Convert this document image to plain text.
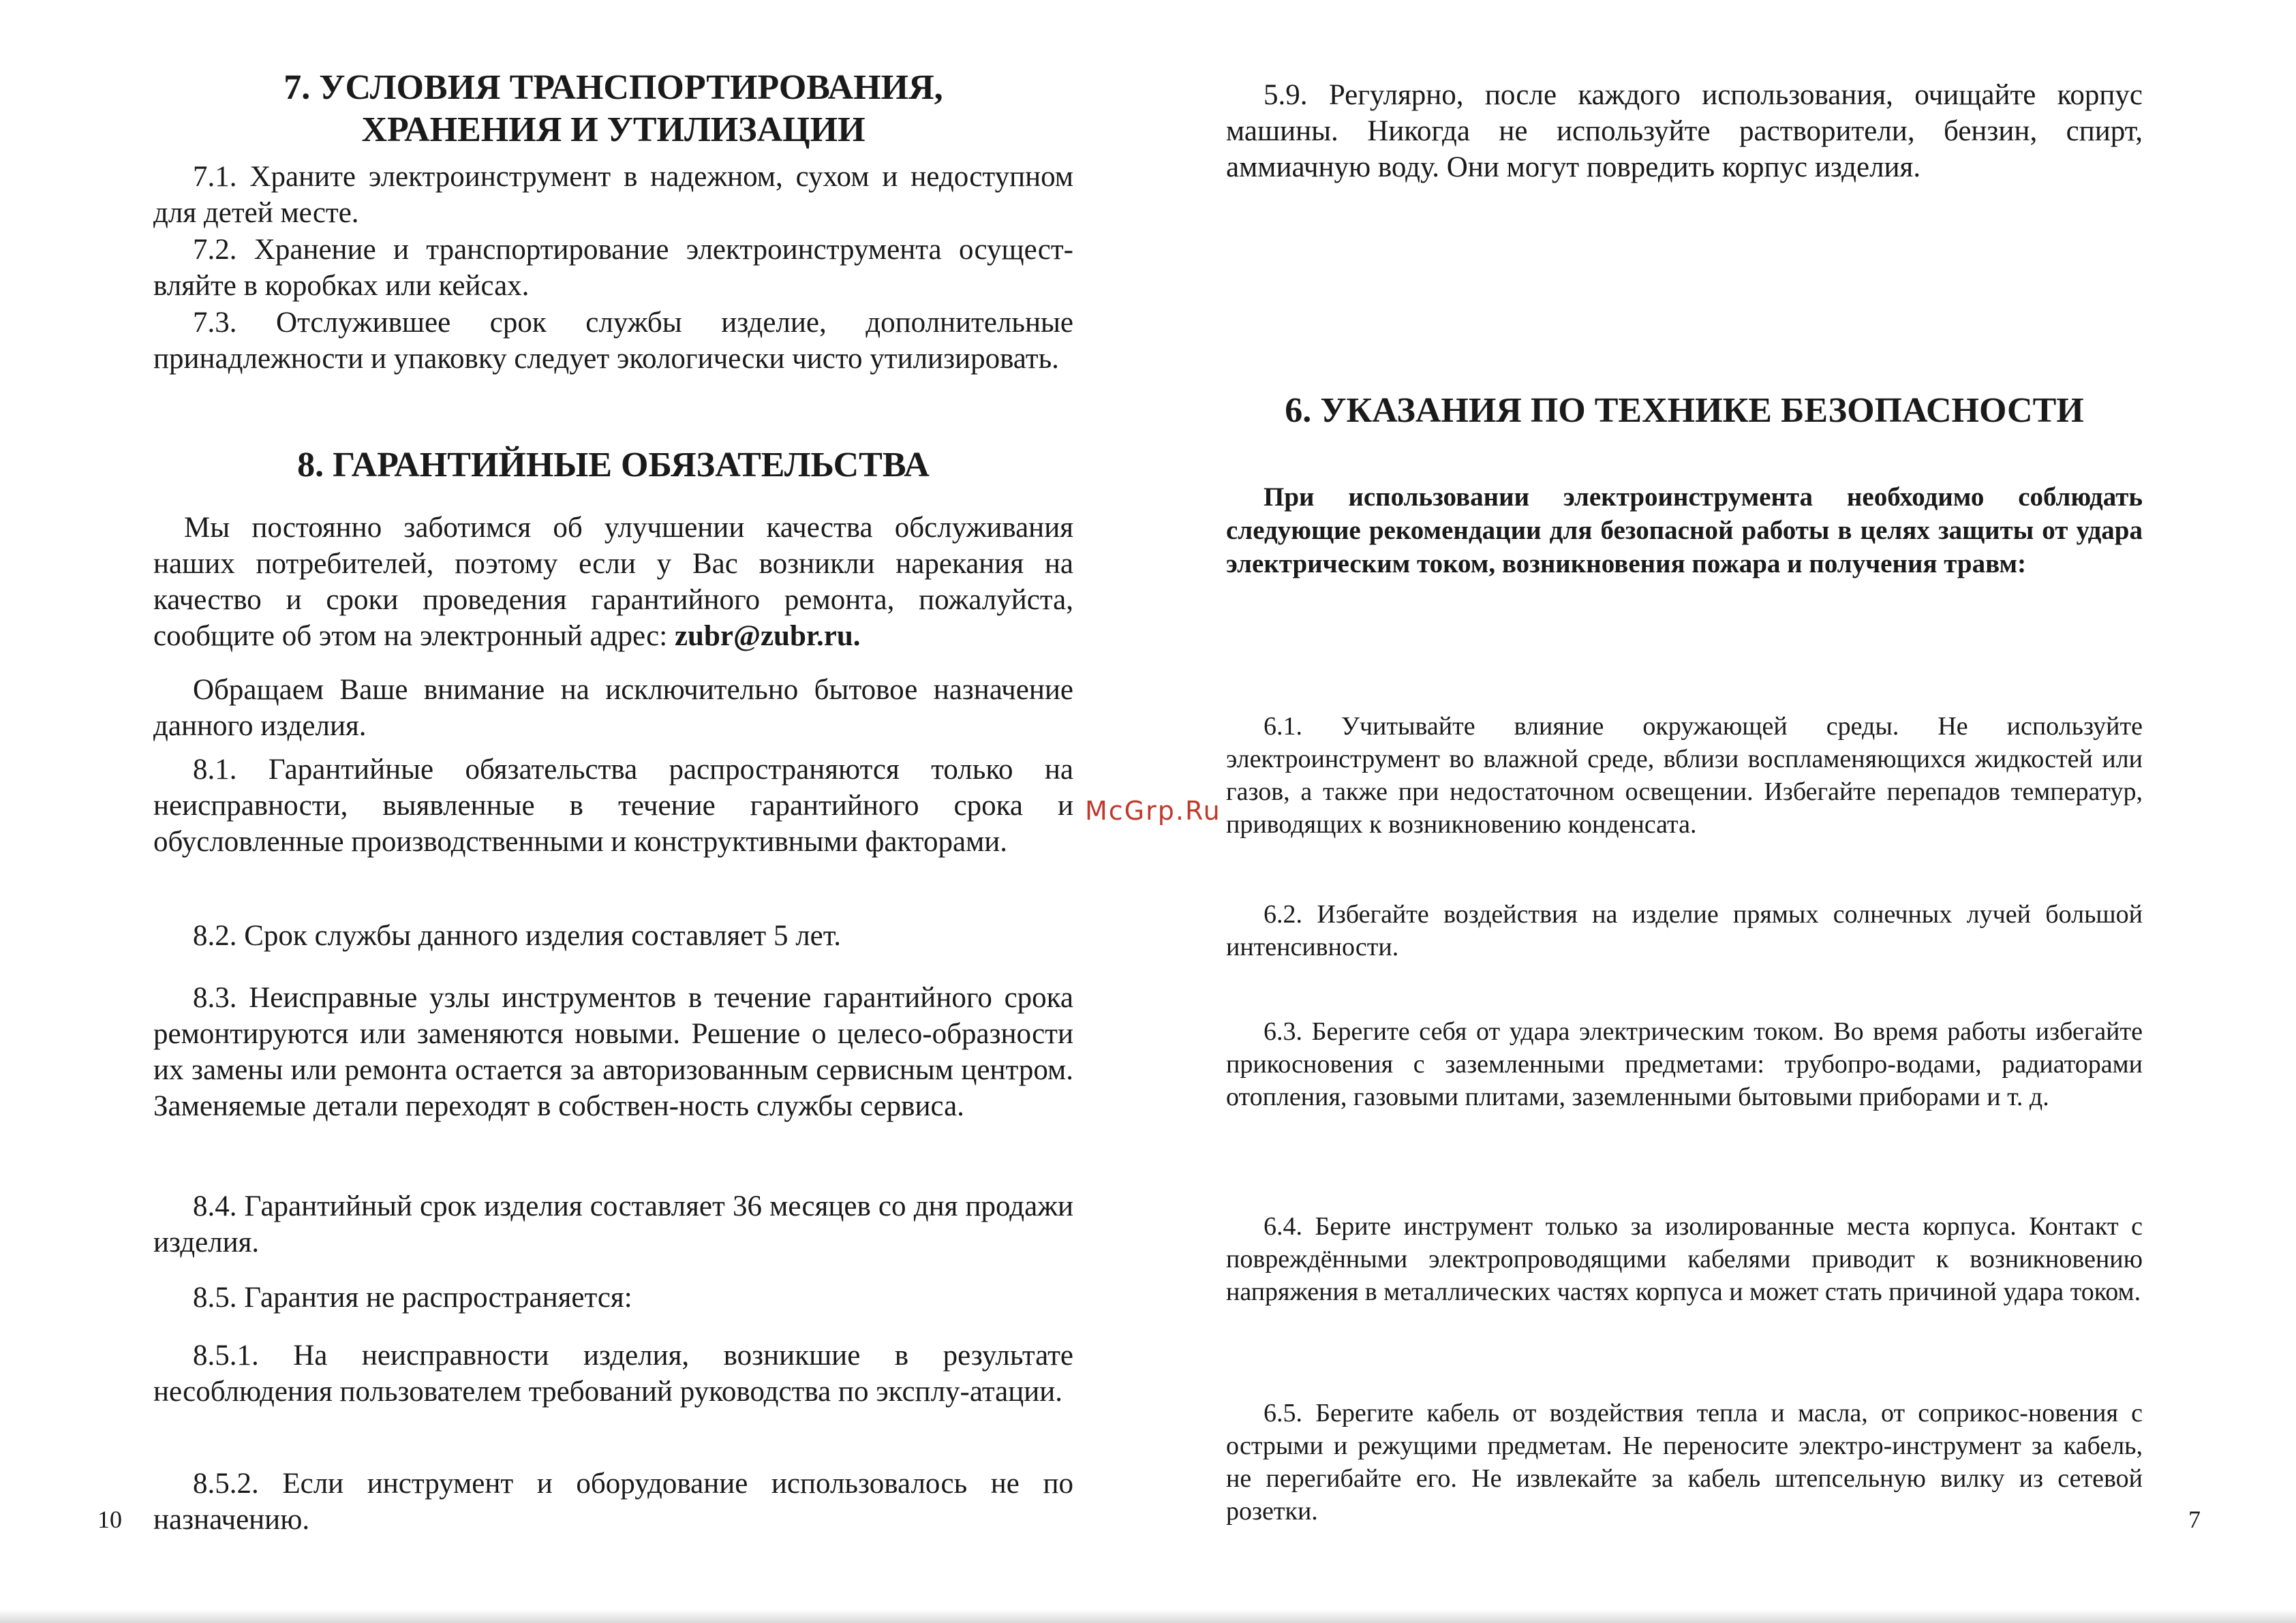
7. УСЛОВИЯ ТРАНСПОРТИРОВАНИЯ,
ХРАНЕНИЯ И УТИЛИЗАЦИИ

7.1. Храните электроинструмент в надежном, сухом и недоступном для детей месте.

7.2. Хранение и транспортирование электроинструмента осущест-вляйте в коробках или кейсах.

7.3. Отслужившее срок службы изделие, дополнительные принадлежности и упаковку следует экологически чисто утилизировать.

8. ГАРАНТИЙНЫЕ ОБЯЗАТЕЛЬСТВА

Мы постоянно заботимся об улучшении качества обслуживания наших потребителей, поэтому если у Вас возникли нарекания на качество и сроки проведения гарантийного ремонта, пожалуйста, сообщите об этом на электронный адрес: zubr@zubr.ru.

Обращаем Ваше внимание на исключительно бытовое назначение данного изделия.

8.1. Гарантийные обязательства распространяются только на неисправности, выявленные в течение гарантийного срока и обусловленные производственными и конструктивными факторами.

8.2. Срок службы данного изделия составляет 5 лет.

8.3. Неисправные узлы инструментов в течение гарантийного срока ремонтируются или заменяются новыми. Решение о целесо-образности их замены или ремонта остается за авторизованным сервисным центром. Заменяемые детали переходят в собствен-ность службы сервиса.

8.4. Гарантийный срок изделия составляет 36 месяцев со дня продажи изделия.

8.5. Гарантия не распространяется:

8.5.1. На неисправности изделия, возникшие в результате несоблюдения пользователем требований руководства по эксплу-атации.

8.5.2. Если инструмент и оборудование использовалось не по назначению.

10
McGrp.Ru

5.9. Регулярно, после каждого использования, очищайте корпус машины. Никогда не используйте растворители, бензин, спирт, аммиачную воду. Они могут повредить корпус изделия.

6. УКАЗАНИЯ ПО ТЕХНИКЕ БЕЗОПАСНОСТИ

При использовании электроинструмента необходимо соблюдать следующие рекомендации для безопасной работы в целях защиты от удара электрическим током, возникновения пожара и получения травм:

6.1. Учитывайте влияние окружающей среды. Не используйте электроинструмент во влажной среде, вблизи воспламеняющихся жидкостей или газов, а также при недостаточном освещении. Избегайте перепадов температур, приводящих к возникновению конденсата.

6.2. Избегайте воздействия на изделие прямых солнечных лучей большой интенсивности.

6.3. Берегите себя от удара электрическим током. Во время работы избегайте прикосновения с заземленными предметами: трубопро-водами, радиаторами отопления, газовыми плитами, заземленными бытовыми приборами и т. д.

6.4. Берите инструмент только за изолированные места корпуса. Контакт с повреждёнными электропроводящими кабелями приводит к возникновению напряжения в металлических частях корпуса и может стать причиной удара током.

6.5. Берегите кабель от воздействия тепла и масла, от соприкос-новения с острыми и режущими предметам. Не переносите электро-инструмент за кабель, не перегибайте его. Не извлекайте за кабель штепсельную вилку из сетевой розетки.	7
